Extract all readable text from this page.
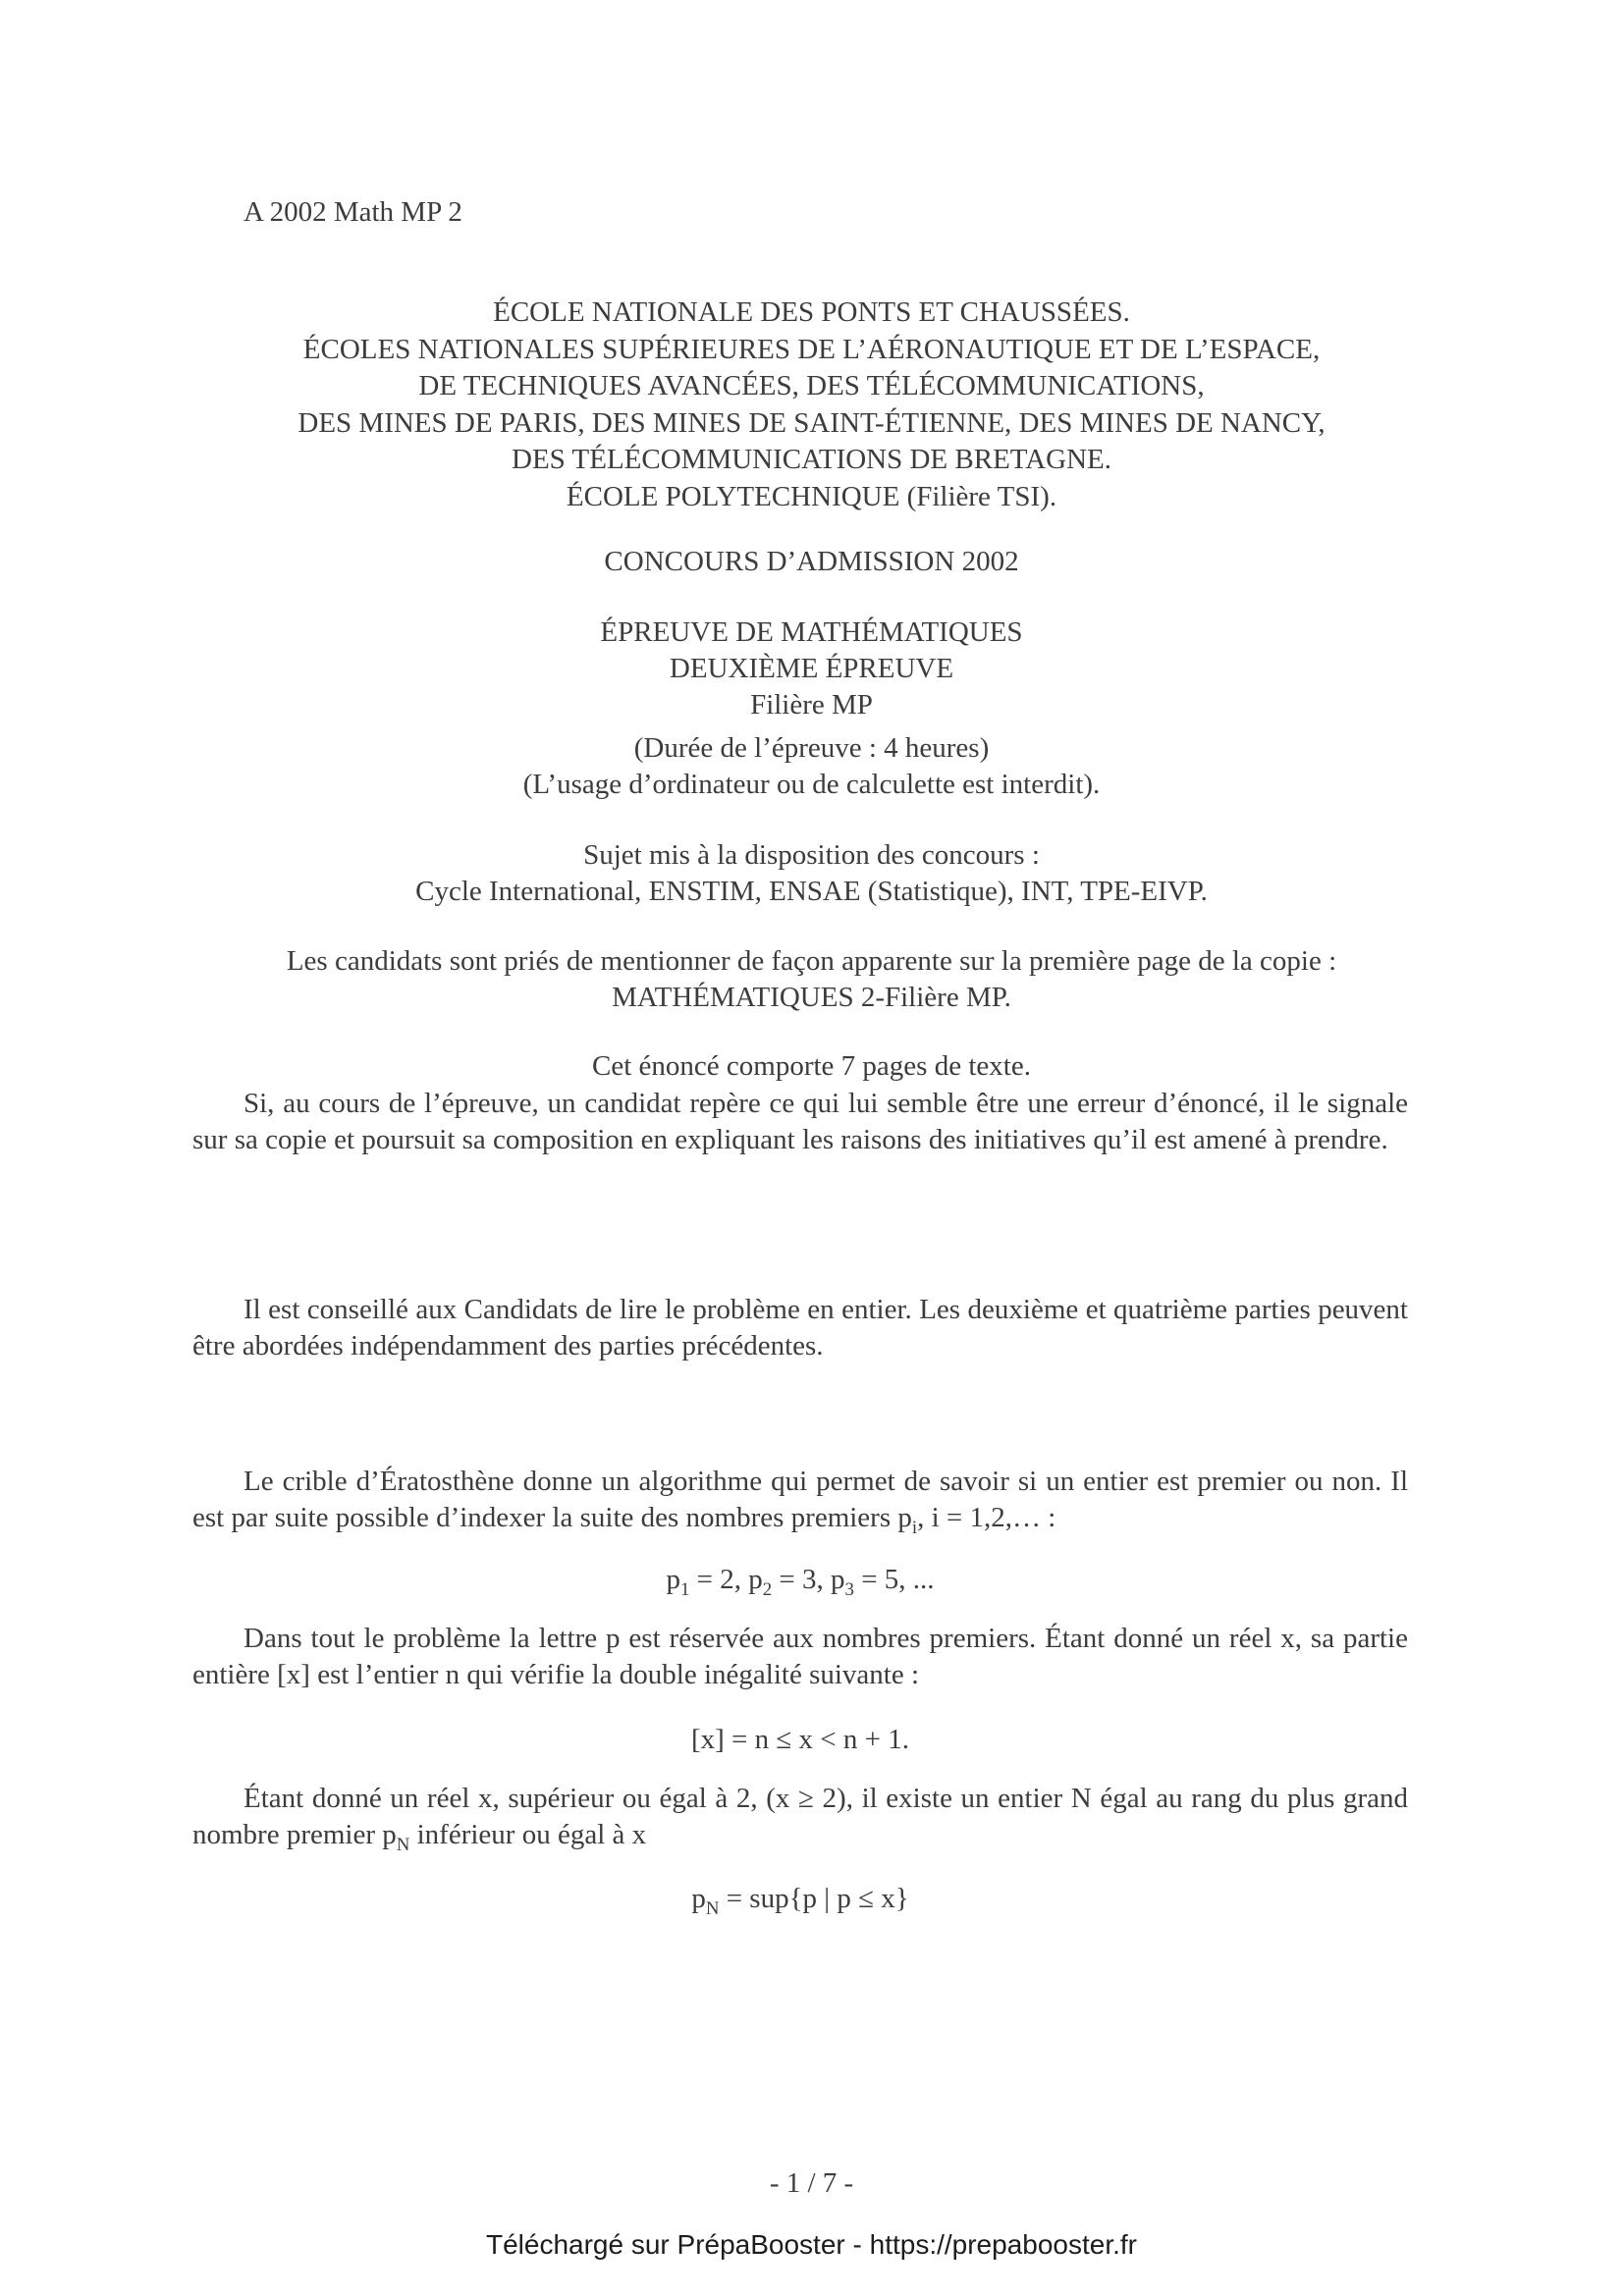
A 2002 Math MP 2
ÉCOLE NATIONALE DES PONTS ET CHAUSSÉES.
ÉCOLES NATIONALES SUPÉRIEURES DE L’AÉRONAUTIQUE ET DE L’ESPACE,
DE TECHNIQUES AVANCÉES, DES TÉLÉCOMMUNICATIONS,
DES MINES DE PARIS, DES MINES DE SAINT-ÉTIENNE, DES MINES DE NANCY,
DES TÉLÉCOMMUNICATIONS DE BRETAGNE.
ÉCOLE POLYTECHNIQUE (Filière TSI).
CONCOURS D’ADMISSION 2002
ÉPREUVE DE MATHÉMATIQUES
DEUXIÈME ÉPREUVE
Filière MP
(Durée de l’épreuve : 4 heures)
(L’usage d’ordinateur ou de calculette est interdit).
Sujet mis à la disposition des concours :
Cycle International, ENSTIM, ENSAE (Statistique), INT, TPE-EIVP.
Les candidats sont priés de mentionner de façon apparente sur la première page de la copie :
MATHÉMATIQUES 2-Filière MP.
Cet énoncé comporte 7 pages de texte.

Si, au cours de l’épreuve, un candidat repère ce qui lui semble être une erreur d’énoncé, il le signale sur sa copie et poursuit sa composition en expliquant les raisons des initiatives qu’il est amené à prendre.

Il est conseillé aux Candidats de lire le problème en entier. Les deuxième et quatrième parties peuvent être abordées indépendamment des parties précédentes.

Le crible d’Ératosthène donne un algorithme qui permet de savoir si un entier est premier ou non. Il est par suite possible d’indexer la suite des nombres premiers $p_i$, i = 1,2,… :

$p_1 = 2$, $p_2 = 3$, $p_3 = 5$, ...

Dans tout le problème la lettre p est réservée aux nombres premiers. Étant donné un réel x, sa partie entière [x] est l’entier n qui vérifie la double inégalité suivante :

[x] = n ≤ x < n + 1.

Étant donné un réel x, supérieur ou égal à 2, (x ≥ 2), il existe un entier N égal au rang du plus grand nombre premier $p_N$ inférieur ou égal à x

$p_N = sup\{p$ | p ≤ x}
- 1 / 7 -
Téléchargé sur PrépaBooster - https://prepabooster.fr
